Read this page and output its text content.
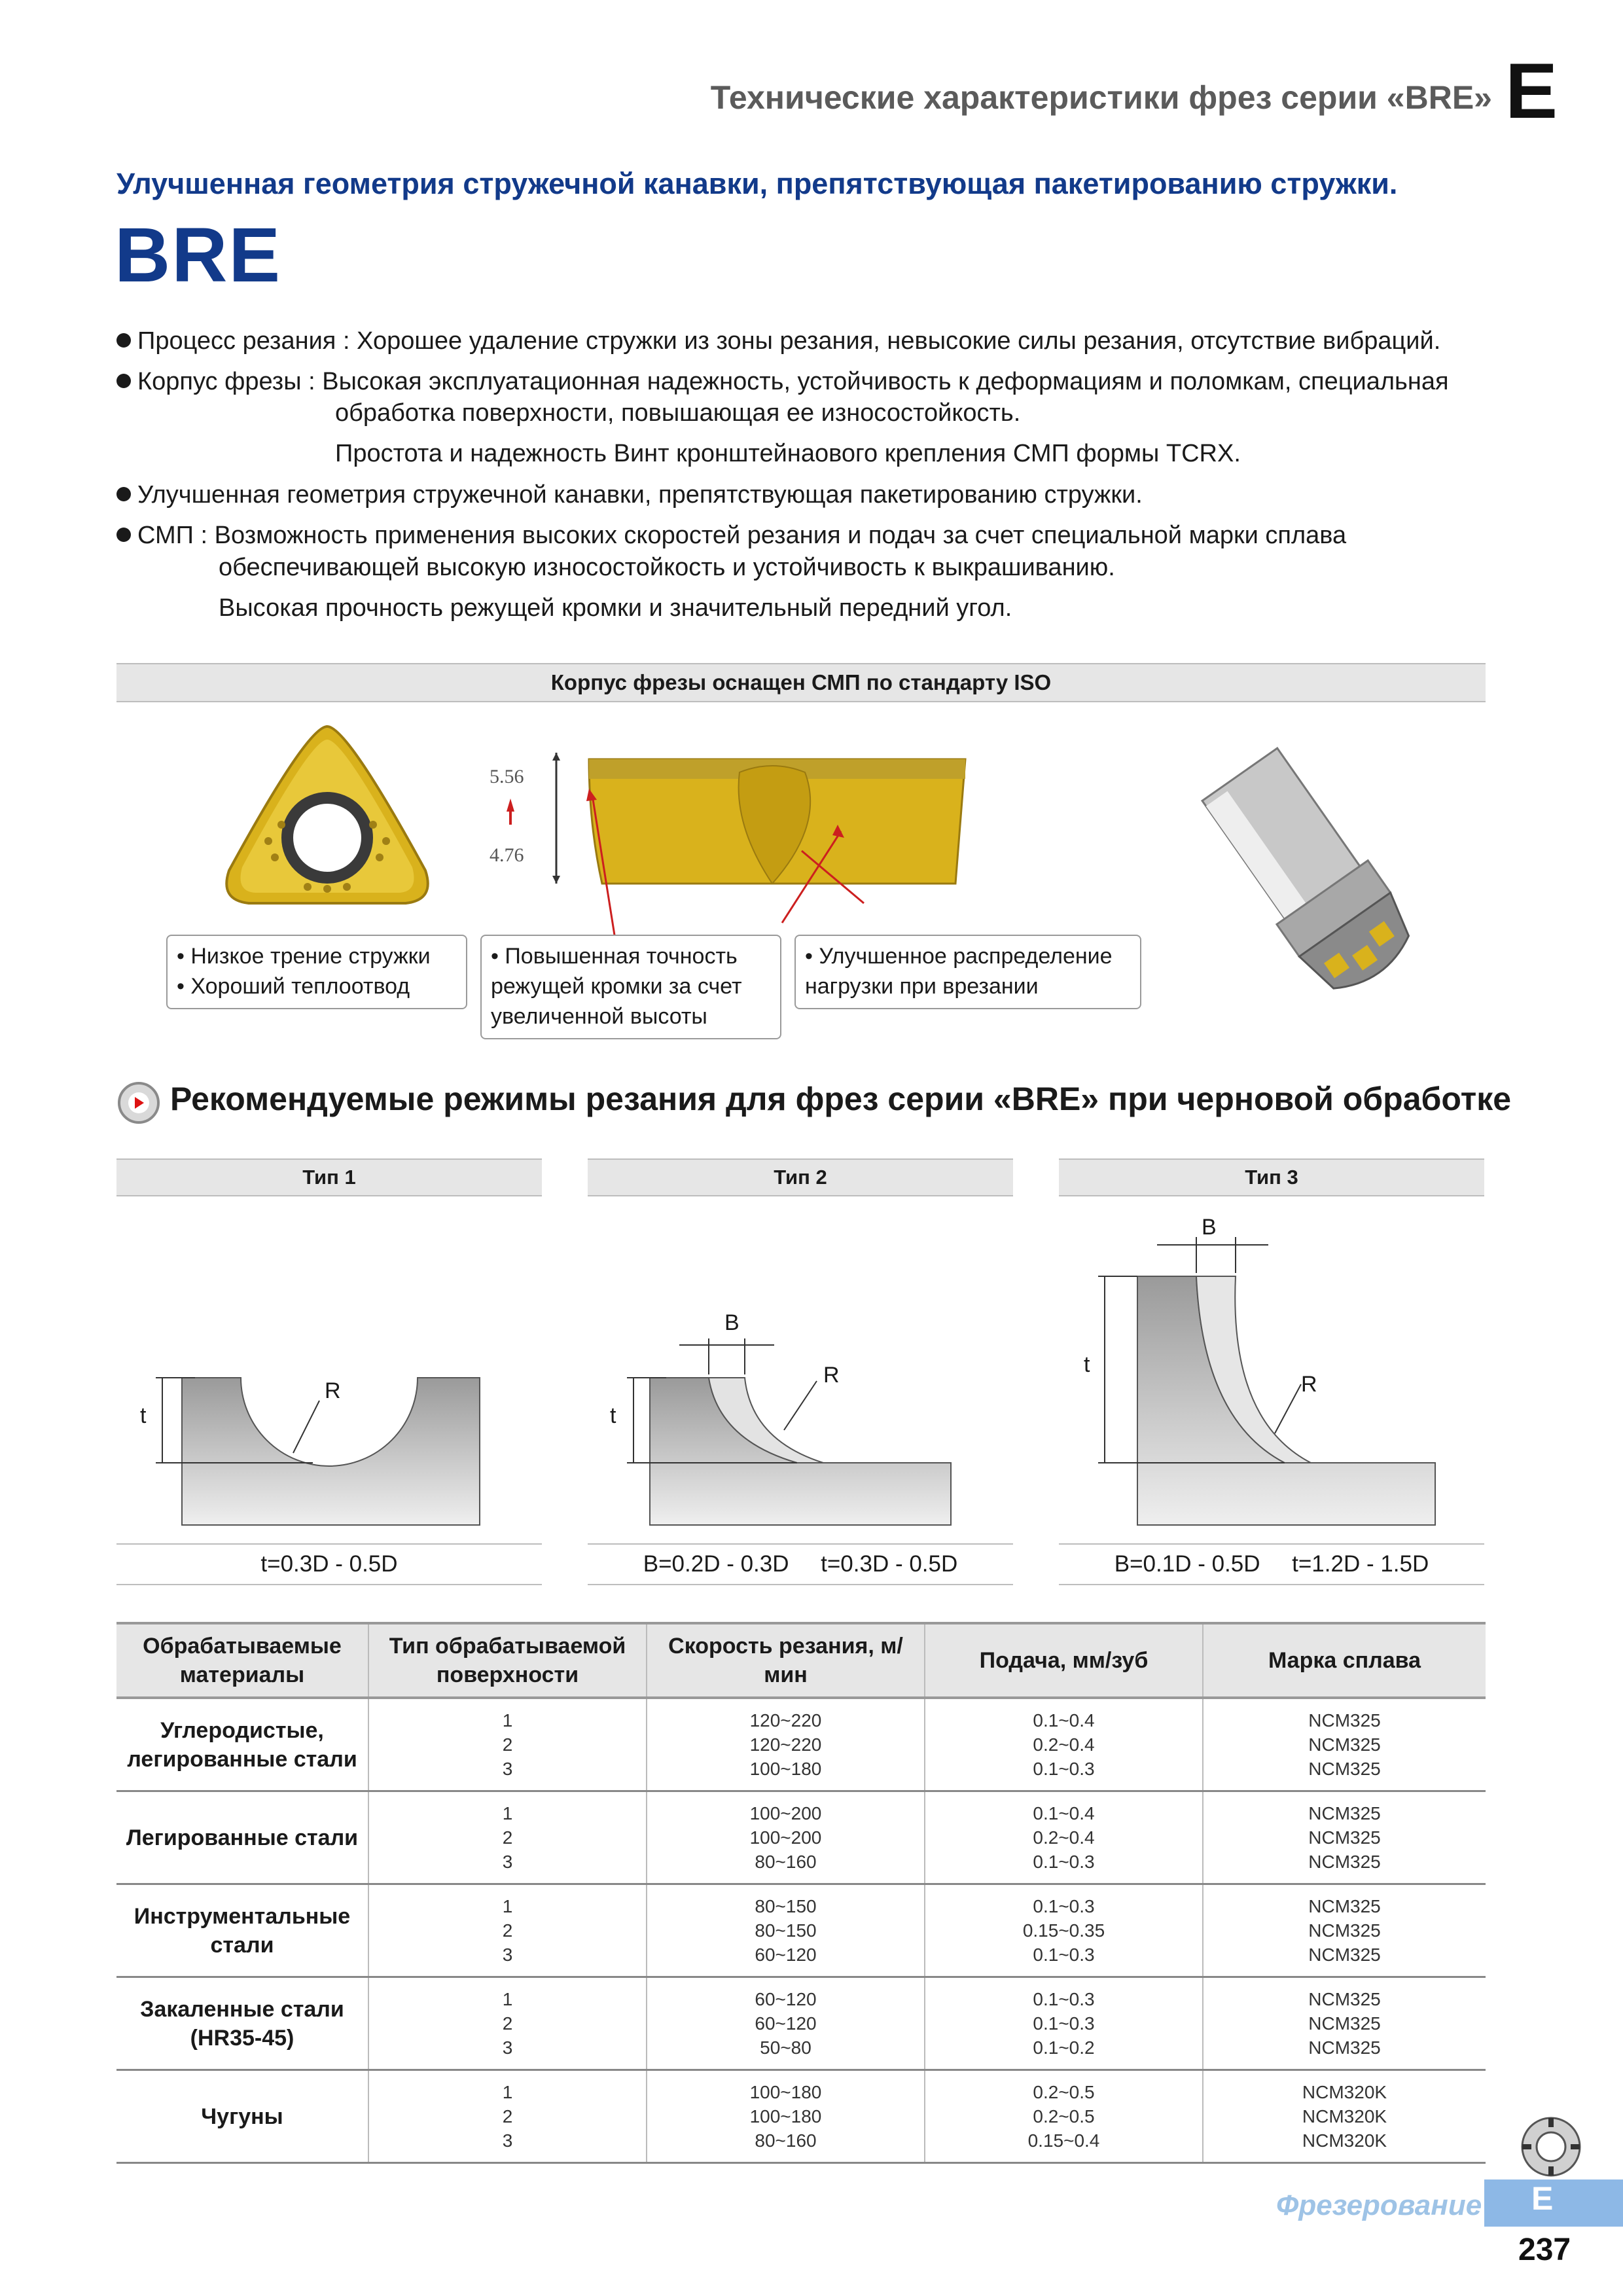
Технические характеристики фрез серии «BRE» E
Улучшенная геометрия стружечной канавки, препятствующая пакетированию стружки.
BRE
Процесс резания : Хорошее удаление стружки из зоны резания, невысокие силы резания, отсутствие вибраций.
Корпус фрезы : Высокая эксплуатационная надежность, устойчивость к деформациям и поломкам, специальная
обработка поверхности, повышающая ее износостойкость.
Простота и надежность Винт кронштейнаового крепления СМП формы TCRX.
Улучшенная геометрия стружечной канавки, препятствующая пакетированию стружки.
СМП : Возможность применения высоких скоростей резания и подач за счет специальной марки сплава
обеспечивающей высокую износостойкость и устойчивость к выкрашиванию.
Высокая прочность режущей кромки и значительный передний угол.
Корпус фрезы оснащен СМП по стандарту ISO
5.56
4.76
• Низкое трение стружки
• Хороший теплоотвод
• Повышенная точность
режущей кромки за счет
увеличенной высоты
• Улучшенное распределение
нагрузки при врезании
Рекомендуемые режимы резания для фрез серии «BRE» при черновой обработке
Тип 1	Тип 2	Тип 3
t
R
t
B
R	t
B
R
t=0.3D - 0.5D	B=0.2D - 0.3D     t=0.3D - 0.5D	B=0.1D - 0.5D     t=1.2D - 1.5D
Обрабатываемые материалы	Тип обрабатываемой поверхности	Скорость резания, м/мин	Подача, мм/зуб	Марка сплава
Углеродистые, легированные стали	1
2
3	120~220
120~220
100~180	0.1~0.4
0.2~0.4
0.1~0.3	NCM325
NCM325
NCM325
Легированные стали	1
2
3	100~200
100~200
80~160	0.1~0.4
0.2~0.4
0.1~0.3	NCM325
NCM325
NCM325
Инструментальные стали	1
2
3	80~150
80~150
60~120	0.1~0.3
0.15~0.35
0.1~0.3	NCM325
NCM325
NCM325
Закаленные стали (HR35-45)	1
2
3	60~120
60~120
50~80	0.1~0.3
0.1~0.3
0.1~0.2	NCM325
NCM325
NCM325
Чугуны	1
2
3	100~180
100~180
80~160	0.2~0.5
0.2~0.5
0.15~0.4	NCM320K
NCM320K
NCM320K
Фрезерование E
237
